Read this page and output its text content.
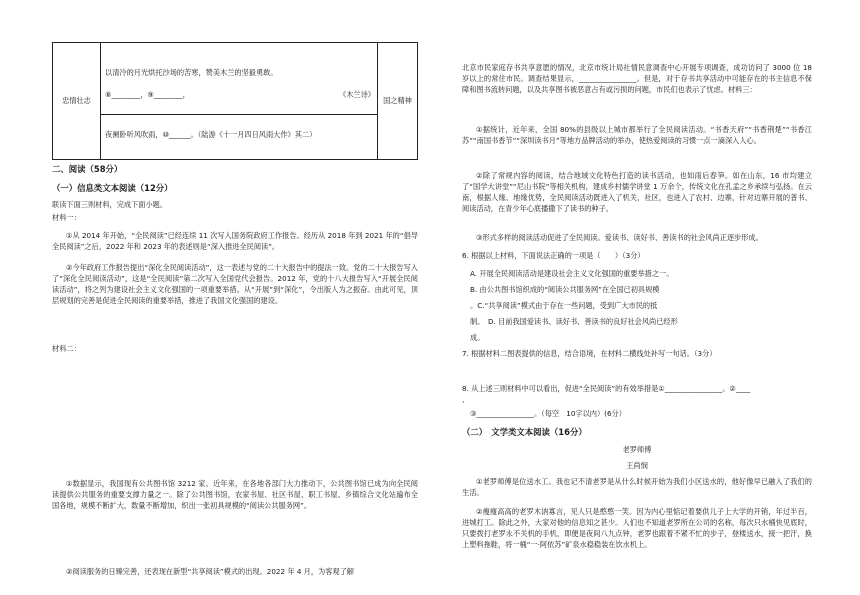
忠情壮志

以清冷的月光烘托沙场的苦寒，赞美木兰的坚毅勇敢。

⑧________，⑨________，	《木兰诗》

夜阑卧听风吹雨，⑩______。（陆游《十一月四日风雨大作》其二）

国之精神
二、阅读（58分）
（一）信息类文本阅读（12分）
联读下面三则材料，完成下面小题。
材料一：
①从 2014 年开始，“全民阅读”已经连续 11 次写入国务院政府工作报告。经历从 2018 年到 2021 年的“倡导全民阅读”之后，2022 年和 2023 年的表述则是“深入推进全民阅读”。
②今年政府工作报告提出“深化全民阅读活动”，这一表述与党的二十大报告中的提法一致。党的二十大报告写入了“深化全民阅读活动”，这是“全民阅读”第二次写入全国党代会报告。2012 年，党的十八大报告写入“开展全民阅读活动”，将之列为建设社会主义文化强国的一项重要举措。从“开展”到“深化”，令出版人为之振奋。由此可见，顶层规划的完善是促进全民阅读的重要举措，推进了我国文化强国的建设。
材料二：
①数据显示，我国现有公共图书馆 3212 家。近年来，在各地各部门大力推动下，公共图书馆已成为向全民阅读提供公共服务的重要支撑力量之一。除了公共图书馆，农家书屋、社区书屋、职工书屋、乡镇综合文化站遍布全国各地，规模不断扩大，数量不断增加，织出一张初具规模的“阅读公共服务网”。
②阅读服务的日臻完善，还表现在新型“共享阅读”模式的出现。2022 年 4 月，为客观了解
北京市民家庭存书共享意愿的情况，北京市统计局社情民意调查中心开展专项调查，成功访问了 3000 位 18 岁以上的常住市民。调查结果显示，________________。但是，对于存书共享活动中可能存在的书主信息不保障和图书流转问题，以及共享图书被恶意占有或污损的问题，市民们也表示了忧虑。材料三：
①据统计，近年来，全国 80%的县级以上城市都举行了全民阅读活动。“书香天府”“书香荆楚”“书香江苏”“南国书香节”“深圳读书月”等地方品牌活动的举办，使热爱阅读的习惯一点一滴深入人心。
②除了常规内容的阅读，结合地域文化特色打造的读书活动，也如雨后春笋。如在山东，16 市均建立了“国学大讲堂”“尼山书院”等相关机构，建成乡村儒学讲堂 1 万余个，传统文化在孔孟之乡承续与弘扬。在云南，根据人缘、地缘优势，全民阅读活动既进入了机关、社区，也进入了农村、边寨，针对边寨开展的普书、阅读活动，在青少年心底播撒下了读书的种子。
③形式多样的阅读活动促进了全民阅读。爱读书、读好书、善读书的社会风尚正逐步形成。
6. 根据以上材料，下面说法正确的一项是（　　）（3分）
A. 开展全民阅读活动是建设社会主义文化强国的重要举措之一。
B. 由公共图书馆织成的“阅读公共服务网”在全国已初具规模
。C.“共享阅读”模式由于存在一些问题，受到广大市民的抵
制。　D. 目前我国爱读书、读好书、善读书的良好社会风尚已经形
成。
7. 根据材料二图表提供的信息，结合语境，在材料二横线处补写一句话。（3分）
8. 从上述三则材料中可以看出，促进“全民阅读”的有效举措是①________________。②____
、
③________________。（每空　10字以内）(6分）
（二）　文学类文本阅读（16分）
老罗师傅
王尚悯
①老罗师傅是位送水工。我也记不清老罗是从什么时候开始为我们小区送水的，他好像早已融入了我们的生活。
②瘦瘦高高的老罗木讷寡言，见人只是憨憨一笑。因为内心里惦记着要供儿子上大学的开销，年过半百，进城打工。除此之外，大家对他的信息知之甚少。人们也不知道老罗所在公司的名称，每次只水桶快见底时，只要拨打老罗永不关机的手机，即便是夜间八九点钟，老罗也跟着不紧不忙的步子，登楼送水，接一把汗，换上塑料拖鞋，将一桶“一·阿依苏”矿泉水稳稳装在饮水机上。
